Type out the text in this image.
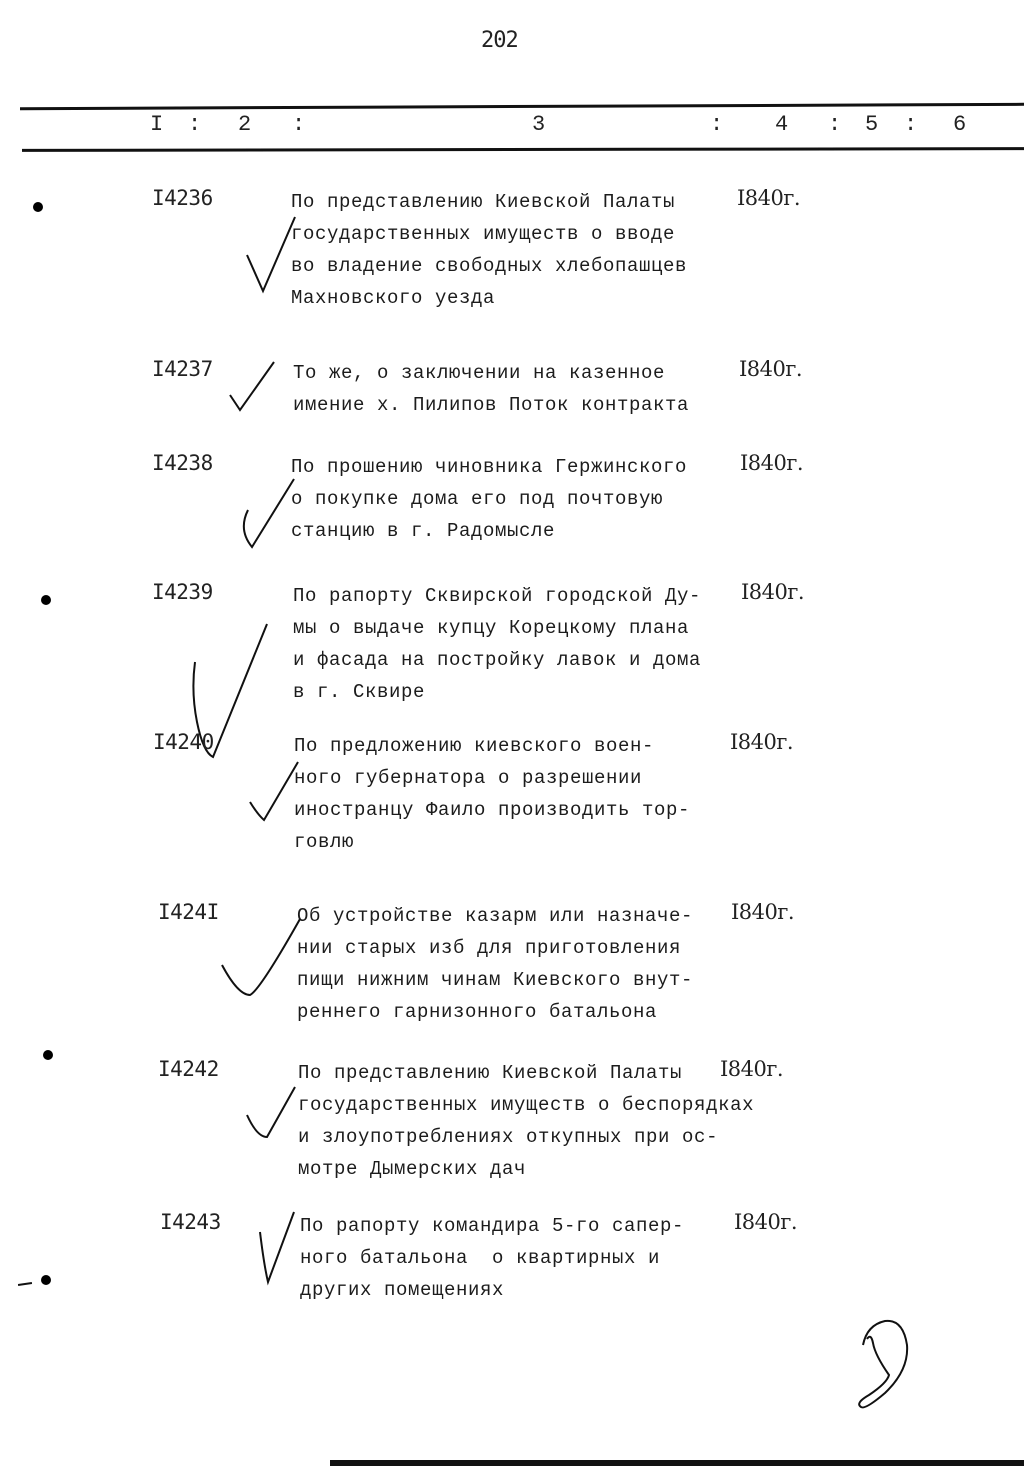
202
I : 2 :	3	: 4 : 5 : 6
I4236	По представлению Киевской Палаты
государственных имуществ о вводе
во владение свободных хлебопашцев
Махновского уезда
I840г.
I4237	То же, о заключении на казенное
имение х. Пилипов Поток контракта
I840г.
I4238	По прошению чиновника Гержинского
о покупке дома его под почтовую
станцию в г. Радомысле
I840г.
I4239	По рапорту Сквирской городской Ду-
мы о выдаче купцу Корецкому плана
и фасада на постройку лавок и дома
в г. Сквире
I840г.
I4240	По предложению киевского воен-
ного губернатора о разрешении
иностранцу Фаило производить тор-
говлю
I840г.
I424I	Об устройстве казарм или назначе-
нии старых изб для приготовления
пищи нижним чинам Киевского внут-
реннего гарнизонного батальона
I840г.
I4242	По представлению Киевской Палаты
государственных имуществ о беспорядках
и злоупотреблениях откупных при ос-
мотре Дымерских дач
I840г.
I4243	По рапорту командира 5-го сапер-
ного батальона  о квартирных и
других помещениях
I840г.
